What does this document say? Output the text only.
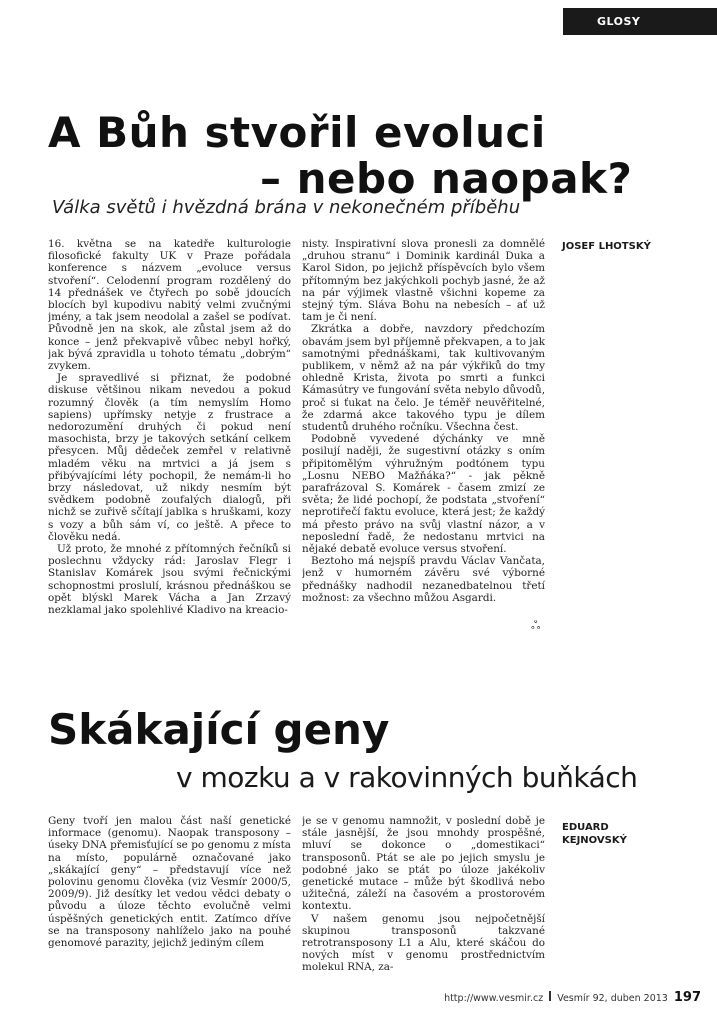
GLOSY
A Bůh stvořil evoluci
– nebo naopak?
Válka světů i hvězdná brána v nekonečném příběhu

16. května se na katedře kulturologie filosofické fakulty UK v Praze pořádala konference s názvem „evoluce versus stvoření“. Celodenní program rozdělený do 14 přednášek ve čtyřech po sobě jdoucích blocích byl kupodivu nabitý velmi zvučnými jmény, a tak jsem neodolal a zašel se podívat. Původně jen na skok, ale zůstal jsem až do konce – jenž překvapivě vůbec nebyl hořký, jak bývá zpravidla u tohoto tématu „dobrým“ zvykem.

Je spravedlivé si přiznat, že podobné diskuse většinou nikam nevedou a pokud rozumný člověk (a tím nemyslím Homo sapiens) upřímsky netyje z frustrace a nedorozumění druhých či pokud není masochista, brzy je takových setkání celkem přesycen. Můj dědeček zemřel v relativně mladém věku na mrtvici a já jsem s přibývajícími léty pochopil, že nemám-li ho brzy následovat, už nikdy nesmím být svědkem podobně zoufalých dialogů, při nichž se zuřivě sčítají jablka s hruškami, kozy s vozy a bůh sám ví, co ještě. A přece to člověku nedá.

Už proto, že mnohé z přítomných řečníků si poslechnu vždycky rád: Jaroslav Flegr i Stanislav Komárek jsou svými řečnickými schopnostmi proslulí, krásnou přednáškou se opět blýskl Marek Vácha a Jan Zrzavý nezklamal jako spolehlivé Kladivo na kreacio-

nisty. Inspirativní slova pronesli za domnělé „druhou stranu“ i Dominik kardinál Duka a Karol Sidon, po jejichž příspěvcích bylo všem přítomným bez jakýchkoli pochyb jasné, že až na pár výjimek vlastně všichni kopeme za stejný tým. Sláva Bohu na nebesích – ať už tam je či není.

Zkrátka a dobře, navzdory předchozím obavám jsem byl příjemně překvapen, a to jak samotnými přednáškami, tak kultivovaným publikem, v němž až na pár výkřiků do tmy ohledně Krista, života po smrti a funkci Kámasútry ve fungování světa nebylo důvodů, proč si ťukat na čelo. Je téměř neuvěřitelné, že zdarmá akce takového typu je dílem studentů druhého ročníku. Všechna čest.

Podobně vyvedené dýchánky ve mně posilují naději, že sugestivní otázky s oním připitomělým výhružným podtónem typu „Losnu NEBO Mažňáka?“ - jak pěkně parafrázoval S. Komárek - časem zmizí ze světa; že lidé pochopí, že podstata „stvoření“ neprotiřečí faktu evoluce, která jest; že každý má přesto právo na svůj vlastní názor, a v neposlední řadě, že nedostanu mrtvici na nějaké debatě evoluce versus stvoření.

Beztoho má nejspíš pravdu Václav Vančata, jenž v humorném závěru své výborné přednášky nadhodil nezanedbatelnou třetí možnost: za všechno můžou Asgardi.

JOSEF LHOTSKÝ
ஃ
Skákající geny
v mozku a v rakovinných buňkách

Geny tvoří jen malou část naší genetické informace (genomu). Naopak transposony – úseky DNA přemisťující se po genomu z místa na místo, populárně označované jako „skákající geny“ – představují více než polovinu genomu člověka (viz Vesmír 2000/5, 2009/9). Již desítky let vedou vědci debaty o původu a úloze těchto evolučně velmi úspěšných genetických entit. Zatímco dříve se na transposony nahlíželo jako na pouhé genomové parazity, jejichž jediným cílem

je se v genomu namnožit, v poslední době je stále jasnější, že jsou mnohdy prospěšné, mluví se dokonce o „domestikaci“ transposonů. Ptát se ale po jejich smyslu je podobné jako se ptát po úloze jakékoliv genetické mutace – může být škodlivá nebo užitečná, záleží na časovém a prostorovém kontextu.

V našem genomu jsou nejpočetnější skupinou transposonů takzvané retrotransposony L1 a Alu, které skáčou do nových míst v genomu prostřednictvím molekul RNA, za-

EDUARD
KEJNOVSKÝ
http://www.vesmir.cz Vesmír 92, duben 2013 197
